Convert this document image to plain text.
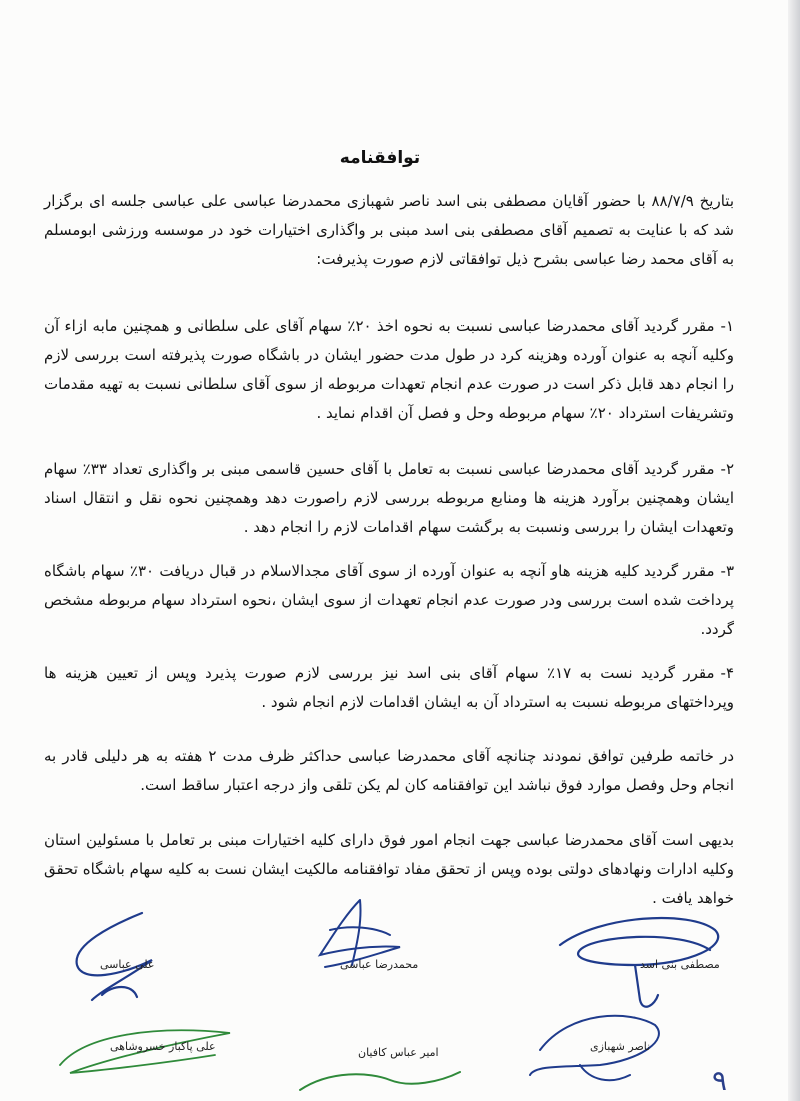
توافقنامه

بتاریخ ۸۸/۷/۹ با حضور آقایان مصطفی بنی اسد ناصر شهبازی محمدرضا عباسی علی عباسی جلسه ای برگزار شد که با عنایت به تصمیم آقای مصطفی بنی اسد مبنی بر واگذاری اختیارات خود در موسسه ورزشی ابومسلم به آقای محمد رضا عباسی بشرح ذیل توافقاتی لازم صورت پذیرفت:

۱-مقرر گردید آقای محمدرضا عباسی نسبت به نحوه اخذ ۲۰٪ سهام آقای علی سلطانی و همچنین مابه ازاء آن وکلیه آنچه به عنوان آورده وهزینه کرد در طول مدت حضور ایشان در باشگاه صورت پذیرفته است بررسی لازم را انجام دهد قابل ذکر است در صورت عدم انجام تعهدات مربوطه از سوی آقای سلطانی نسبت به تهیه مقدمات وتشریفات استرداد ۲۰٪ سهام مربوطه وحل و فصل آن اقدام نماید .

۲-مقرر گردید آقای محمدرضا عباسی نسبت به تعامل با آقای حسین قاسمی مبنی بر واگذاری تعداد ۳۳٪ سهام ایشان وهمچنین برآورد هزینه ها ومنابع مربوطه بررسی لازم راصورت دهد وهمچنین نحوه نقل و انتقال اسناد وتعهدات ایشان را بررسی ونسبت به برگشت سهام اقدامات لازم را انجام دهد .

۳-مقرر گردید کلیه هزینه هاو آنچه به عنوان آورده از سوی آقای مجدالاسلام در قبال دریافت ۳۰٪ سهام باشگاه پرداخت شده است بررسی ودر صورت عدم انجام تعهدات از سوی ایشان ،نحوه استرداد سهام مربوطه مشخص گردد.

۴-مقرر گردید نست به ۱۷٪ سهام آقای بنی اسد نیز بررسی لازم صورت پذیرد وپس از تعیین هزینه ها وپرداختهای مربوطه نسبت به استرداد آن به ایشان اقدامات لازم انجام شود .

در خاتمه طرفین توافق نمودند چنانچه آقای محمدرضا عباسی حداکثر ظرف مدت ۲ هفته به هر دلیلی قادر به انجام وحل وفصل موارد فوق نباشد این توافقنامه کان لم یکن تلقی واز درجه اعتبار ساقط است.

بدیهی است آقای محمدرضا عباسی جهت انجام امور فوق دارای کلیه اختیارات مبنی بر تعامل با مسئولین استان وکلیه ادارات ونهادهای دولتی بوده وپس از تحقق مفاد توافقنامه مالکیت ایشان نست به کلیه سهام باشگاه تحقق خواهد یافت .

مصطفی بنی اسد
محمدرضا عباسی
علی عباسی
ناصر شهبازی
امیر عباس کافیان
علی پاکباز خسروشاهی
۹
